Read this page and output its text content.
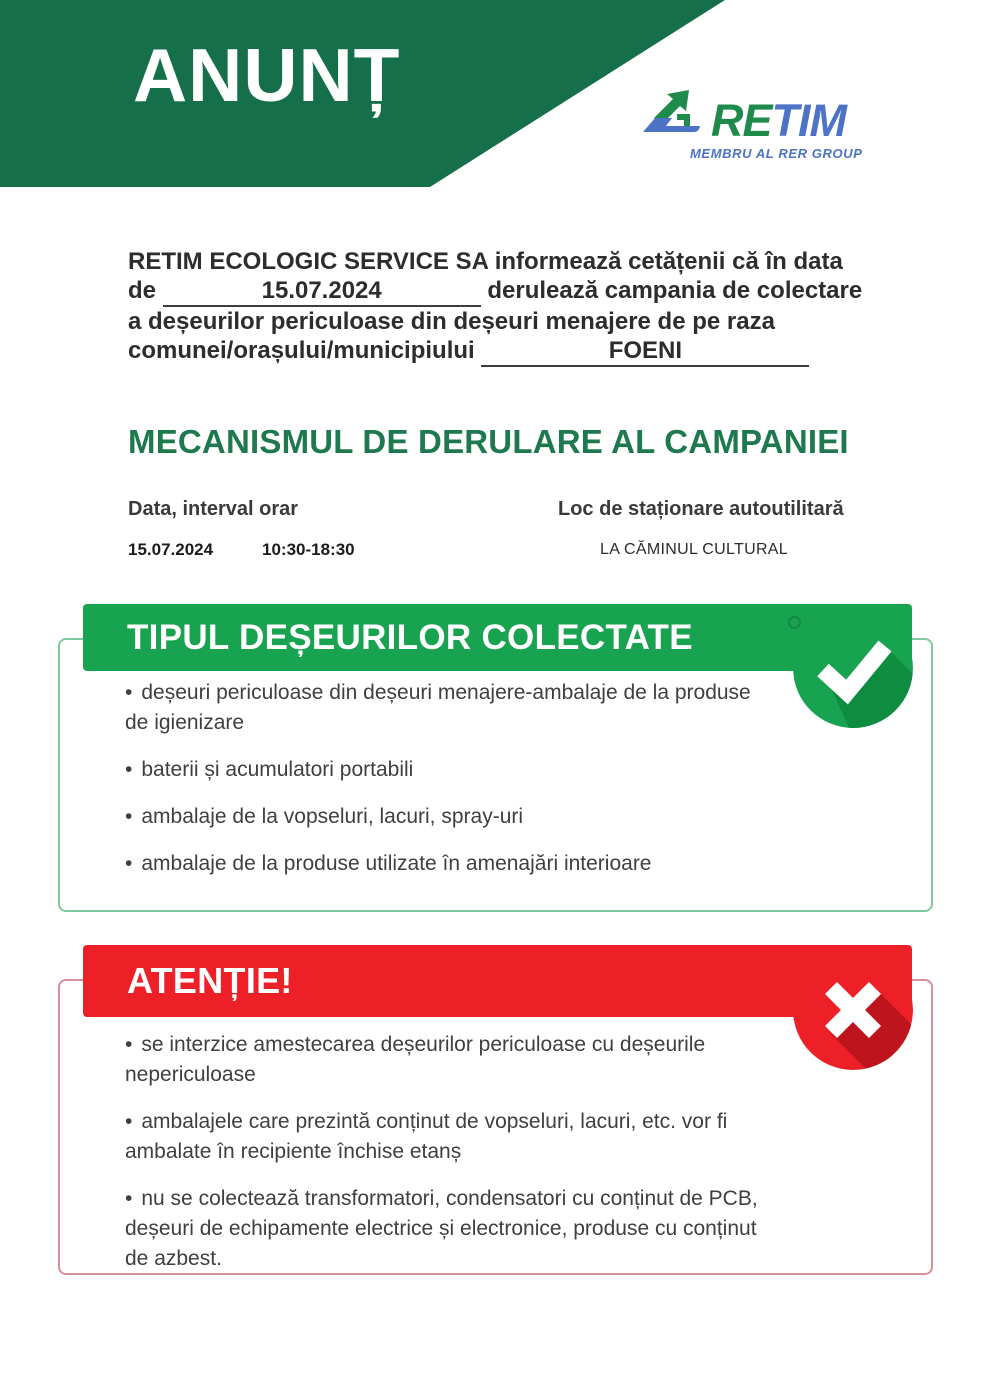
ANUNȚ
RETIM
MEMBRU AL RER GROUP
RETIM ECOLOGIC SERVICE SA informează cetățenii că în data
de	15.07.2024	derulează campania de colectare
a deșeurilor periculoase din deșeuri menajere de pe raza
comunei/orașului/municipiului	FOENI
MECANISMUL DE DERULARE AL CAMPANIEI
Data, interval orar	Loc de staționare autoutilitară
15.07.2024	10:30-18:30	LA CĂMINUL CULTURAL
TIPUL DEȘEURILOR COLECTATE
• deșeuri periculoase din deșeuri menajere-ambalaje de la produse de igienizare
• baterii și acumulatori portabili
• ambalaje de la vopseluri, lacuri, spray-uri
• ambalaje de la produse utilizate în amenajări interioare
ATENȚIE!
• se interzice amestecarea deșeurilor periculoase cu deșeurile nepericuloase
• ambalajele care prezintă conținut de vopseluri, lacuri, etc. vor fi ambalate în recipiente închise etanș
• nu se colectează transformatori, condensatori cu conținut de PCB, deșeuri de echipamente electrice și electronice, produse cu conținut de azbest.
